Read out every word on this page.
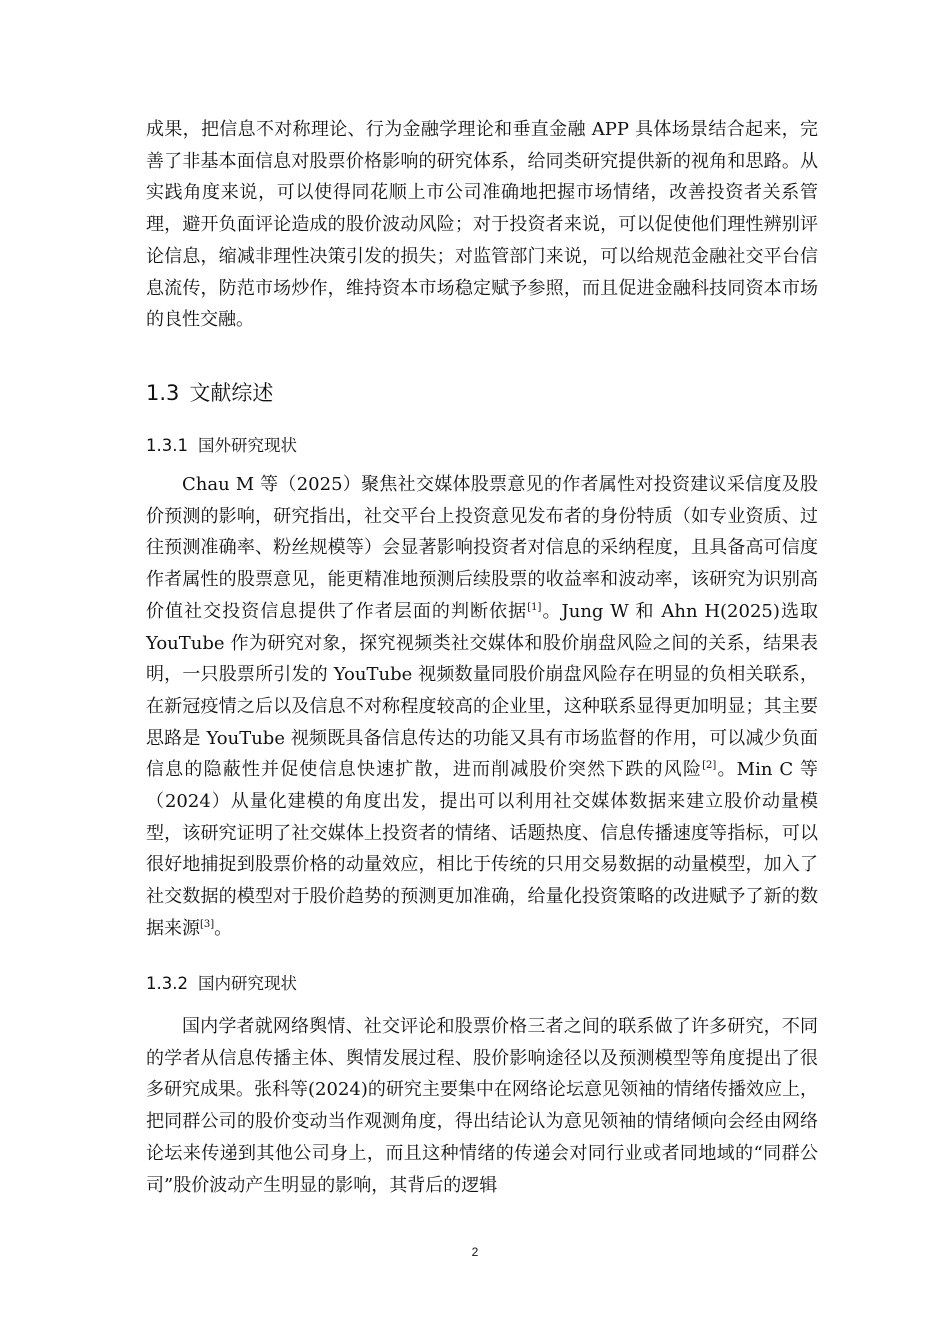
成果，把信息不对称理论、行为金融学理论和垂直金融 APP 具体场景结合起来，完善了非基本面信息对股票价格影响的研究体系，给同类研究提供新的视角和思路。从实践角度来说，可以使得同花顺上市公司准确地把握市场情绪，改善投资者关系管理，避开负面评论造成的股价波动风险；对于投资者来说，可以促使他们理性辨别评论信息，缩减非理性决策引发的损失；对监管部门来说，可以给规范金融社交平台信息流传，防范市场炒作，维持资本市场稳定赋予参照，而且促进金融科技同资本市场的良性交融。

1.3 文献综述
1.3.1 国外研究现状

Chau M 等（2025）聚焦社交媒体股票意见的作者属性对投资建议采信度及股价预测的影响，研究指出，社交平台上投资意见发布者的身份特质（如专业资质、过往预测准确率、粉丝规模等）会显著影响投资者对信息的采纳程度，且具备高可信度作者属性的股票意见，能更精准地预测后续股票的收益率和波动率，该研究为识别高价值社交投资信息提供了作者层面的判断依据[1]。Jung W 和 Ahn H(2025)选取 YouTube 作为研究对象，探究视频类社交媒体和股价崩盘风险之间的关系，结果表明，一只股票所引发的 YouTube 视频数量同股价崩盘风险存在明显的负相关联系，在新冠疫情之后以及信息不对称程度较高的企业里，这种联系显得更加明显；其主要思路是 YouTube 视频既具备信息传达的功能又具有市场监督的作用，可以减少负面信息的隐蔽性并促使信息快速扩散，进而削减股价突然下跌的风险[2]。Min C 等（2024）从量化建模的角度出发，提出可以利用社交媒体数据来建立股价动量模型，该研究证明了社交媒体上投资者的情绪、话题热度、信息传播速度等指标，可以很好地捕捉到股票价格的动量效应，相比于传统的只用交易数据的动量模型，加入了社交数据的模型对于股价趋势的预测更加准确，给量化投资策略的改进赋予了新的数据来源[3]。

1.3.2 国内研究现状

国内学者就网络舆情、社交评论和股票价格三者之间的联系做了许多研究，不同的学者从信息传播主体、舆情发展过程、股价影响途径以及预测模型等角度提出了很多研究成果。张科等(2024)的研究主要集中在网络论坛意见领袖的情绪传播效应上，把同群公司的股价变动当作观测角度，得出结论认为意见领袖的情绪倾向会经由网络论坛来传递到其他公司身上，而且这种情绪的传递会对同行业或者同地域的“同群公司”股价波动产生明显的影响，其背后的逻辑

2
